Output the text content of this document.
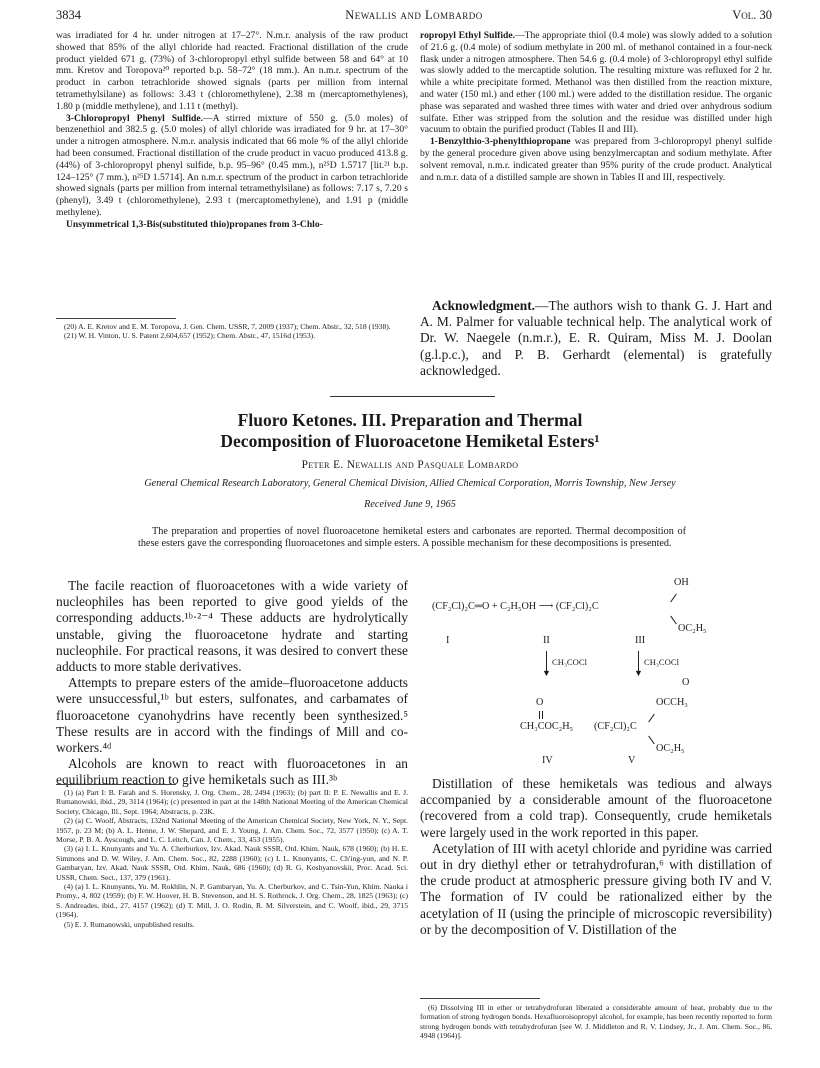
3834	Newallis and Lombardo	Vol. 30

was irradiated for 4 hr. under nitrogen at 17–27°. N.m.r. analysis of the raw product showed that 85% of the allyl chloride had reacted. Fractional distillation of the crude product yielded 671 g. (73%) of 3-chloropropyl ethyl sulfide between 58 and 64° at 10 mm. Kretov and Toropova²⁰ reported b.p. 58–72° (18 mm.). An n.m.r. spectrum of the product in carbon tetrachloride showed signals (parts per million from internal tetramethylsilane) as follows: 3.43 t (chloromethylene), 2.38 m (mercaptomethylenes), 1.80 p (middle methylene), and 1.11 t (methyl).

3-Chloropropyl Phenyl Sulfide.—A stirred mixture of 550 g. (5.0 moles) of benzenethiol and 382.5 g. (5.0 moles) of allyl chloride was irradiated for 9 hr. at 17–30° under a nitrogen atmosphere. N.m.r. analysis indicated that 66 mole % of the allyl chloride had been consumed. Fractional distillation of the crude product in vacuo produced 413.8 g. (44%) of 3-chloropropyl phenyl sulfide, b.p. 95–96° (0.45 mm.), n²⁵D 1.5717 [lit.²¹ b.p. 124–125° (7 mm.), n²⁵D 1.5714]. An n.m.r. spectrum of the product in carbon tetrachloride showed signals (parts per million from internal tetramethylsilane) as follows: 7.17 s, 7.20 s (phenyl), 3.49 t (chloromethylene), 2.93 t (mercaptomethylene), and 1.91 p (middle methylene).

Unsymmetrical 1,3-Bis(substituted thio)propanes from 3-Chlo-

(20) A. E. Kretov and E. M. Toropova, J. Gen. Chem. USSR, 7, 2009 (1937); Chem. Abstr., 32, 518 (1938).

(21) W. H. Vinton, U. S. Patent 2,604,657 (1952); Chem. Abstr., 47, 1516d (1953).

ropropyl Ethyl Sulfide.—The appropriate thiol (0.4 mole) was slowly added to a solution of 21.6 g. (0.4 mole) of sodium methylate in 200 ml. of methanol contained in a four-neck flask under a nitrogen atmosphere. Then 54.6 g. (0.4 mole) of 3-chloropropyl ethyl sulfide was slowly added to the mercaptide solution. The resulting mixture was refluxed for 2 hr. while a white precipitate formed. Methanol was then distilled from the reaction mixture, and water (150 ml.) and ether (100 ml.) were added to the distillation residue. The organic phase was separated and washed three times with water and dried over anhydrous sodium sulfate. Ether was stripped from the solution and the residue was distilled under high vacuum to obtain the purified product (Tables II and III).

1-Benzylthio-3-phenylthiopropane was prepared from 3-chloropropyl phenyl sulfide by the general procedure given above using benzylmercaptan and sodium methylate. After solvent removal, n.m.r. indicated greater than 95% purity of the crude product. Analytical and n.m.r. data of a distilled sample are shown in Tables II and III, respectively.

Acknowledgment.—The authors wish to thank G. J. Hart and A. M. Palmer for valuable technical help. The analytical work of Dr. W. Naegele (n.m.r.), E. R. Quiram, Miss M. J. Doolan (g.l.p.c.), and P. B. Gerhardt (elemental) is gratefully acknowledged.

Fluoro Ketones. III. Preparation and Thermal
Decomposition of Fluoroacetone Hemiketal Esters¹
Peter E. Newallis and Pasquale Lombardo
General Chemical Research Laboratory, General Chemical Division, Allied Chemical Corporation, Morris Township, New Jersey
Received June 9, 1965
The preparation and properties of novel fluoroacetone hemiketal esters and carbonates are reported. Thermal decomposition of these esters gave the corresponding fluoroacetones and simple esters. A possible mechanism for these decompositions is presented.

The facile reaction of fluoroacetones with a wide variety of nucleophiles has been reported to give good yields of the corresponding adducts.¹ᵇ·²⁻⁴ These adducts are hydrolytically unstable, giving the fluoroacetone hydrate and starting nucleophile. For practical reasons, it was desired to convert these adducts to more stable derivatives.

Attempts to prepare esters of the amide–fluoroacetone adducts were unsuccessful,¹ᵇ but esters, sulfonates, and carbamates of fluoroacetone cyanohydrins have recently been synthesized.⁵ These results are in accord with the findings of Mill and co-workers.⁴ᵈ

Alcohols are known to react with fluoroacetones in an equilibrium reaction to give hemiketals such as III.³ᵇ

(1) (a) Part I: B. Farah and S. Horensky, J. Org. Chem., 28, 2494 (1963); (b) part II: P. E. Newallis and E. J. Rumanowski, ibid., 29, 3114 (1964); (c) presented in part at the 148th National Meeting of the American Chemical Society, Chicago, Ill., Sept. 1964; Abstracts, p. 23K.

(2) (a) C. Woolf, Abstracts, 132nd National Meeting of the American Chemical Society, New York, N. Y., Sept. 1957, p. 23 M; (b) A. L. Henne, J. W. Shepard, and E. J. Young, J. Am. Chem. Soc., 72, 3577 (1950); (c) A. T. Morse, P. B. A. Ayscough, and L. C. Leitch, Can. J. Chem., 33, 453 (1955).

(3) (a) I. L. Knunyants and Yu. A. Cherburkov, Izv. Akad. Nauk SSSR, Otd. Khim. Nauk, 678 (1960); (b) H. E. Simmons and D. W. Wiley, J. Am. Chem. Soc., 82, 2288 (1960); (c) I. L. Knunyants, C. Ch'ing-yun, and N. P. Gambaryan, Izv. Akad. Nauk SSSR, Otd. Khim. Nauk, 686 (1960); (d) R. G. Koshyanovskii, Proc. Acad. Sci. USSR, Chem. Sect., 137, 379 (1961).

(4) (a) I. L. Knunyants, Yu. M. Rokhlin, N. P. Gambaryan, Yu. A. Cherburkov, and C. Tsin-Yun, Khim. Nauka i Promy., 4, 802 (1959); (b) F. W. Hoover, H. B. Stevenson, and H. S. Rothrock, J. Org. Chem., 28, 1825 (1963); (c) S. Andreades, ibid., 27, 4157 (1962); (d) T. Mill, J. O. Rodin, R. M. Silverstein, and C. Woolf, ibid., 29, 3715 (1964).

(5) E. J. Rumanowski, unpublished results.

OH
(CF₂Cl)₂C═O + C₂H₅OH ⟶ (CF₂Cl)₂C
OC₂H₅
I	II	III
▼
CH₃COCl
▼
CH₃COCl
O
O	OCCH₃
CH₃COC₂H₅ (CF₂Cl)₂C
OC₂H₅
IV	V

Distillation of these hemiketals was tedious and always accompanied by a considerable amount of the fluoroacetone (recovered from a cold trap). Consequently, crude hemiketals were largely used in the work reported in this paper.

Acetylation of III with acetyl chloride and pyridine was carried out in dry diethyl ether or tetrahydrofuran,⁶ with distillation of the crude product at atmospheric pressure giving both IV and V. The formation of IV could be rationalized either by the acetylation of II (using the principle of microscopic reversibility) or by the decomposition of V. Distillation of the

(6) Dissolving III in ether or tetrahydrofuran liberated a considerable amount of heat, probably due to the formation of strong hydrogen bonds. Hexafluoroisopropyl alcohol, for example, has been recently reported to form strong hydrogen bonds with tetrahydrofuran [see W. J. Middleton and R. V. Lindsey, Jr., J. Am. Chem. Soc., 86, 4948 (1964)].
